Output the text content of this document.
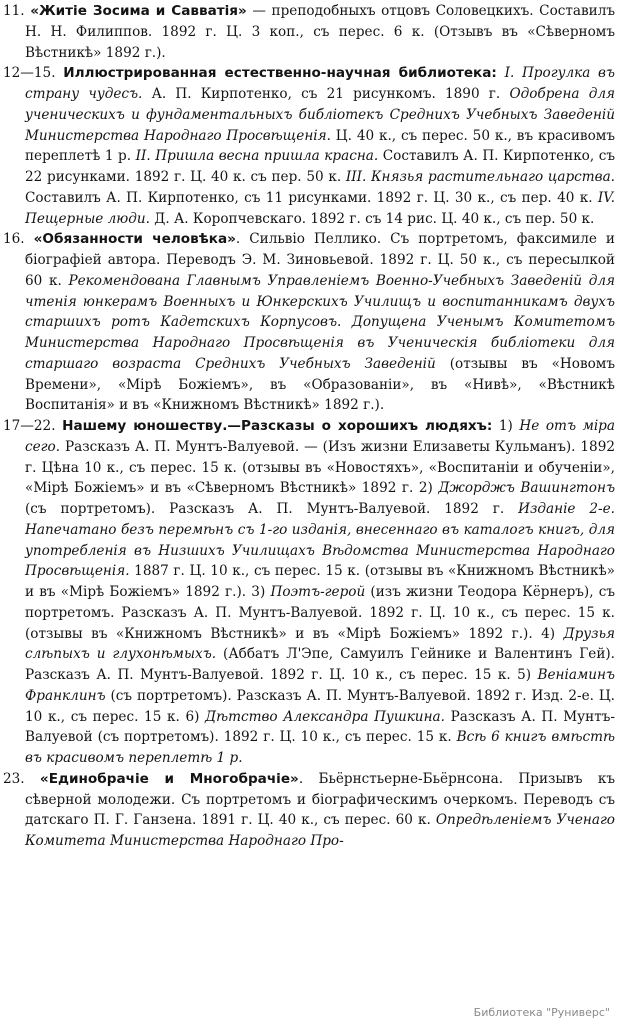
11. «Житіе Зосима и Савватія» — преподобныхъ отцовъ Соловецкихъ. Составилъ Н. Н. Филиппов. 1892 г. Ц. 3 коп., съ перес. 6 к. (Отзывъ въ «Сѣверномъ Вѣстникѣ» 1892 г.).

12—15. Иллюстрированная естественно-научная библиотека: I. Прогулка въ страну чудесъ. А. П. Кирпотенко, съ 21 рисункомъ. 1890 г. Одобрена для ученическихъ и фундаментальныхъ библіотекъ Среднихъ Учебныхъ Заведеній Министерства Народнаго Просвѣщенія. Ц. 40 к., съ перес. 50 к., въ красивомъ переплетѣ 1 р. II. Пришла весна пришла красна. Составилъ А. П. Кирпотенко, съ 22 рисунками. 1892 г. Ц. 40 к. съ пер. 50 к. III. Князья растительнаго царства. Составилъ А. П. Кирпотенко, съ 11 рисунками. 1892 г. Ц. 30 к., съ пер. 40 к. IV. Пещерные люди. Д. А. Коропчевскаго. 1892 г. съ 14 рис. Ц. 40 к., съ пер. 50 к.

16. «Обязанности человѣка». Сильвіо Пеллико. Съ портретомъ, факсимиле и біографіей автора. Переводъ Э. М. Зиновьевой. 1892 г. Ц. 50 к., съ пересылкой 60 к. Рекомендована Главнымъ Управленіемъ Военно-Учебныхъ Заведеній для чтенія юнкерамъ Военныхъ и Юнкерскихъ Училищъ и воспитанникамъ двухъ старшихъ ротъ Кадетскихъ Корпусовъ. Допущена Ученымъ Комитетомъ Министерства Народнаго Просвѣщенія въ Ученическія библіотеки для старшаго возраста Среднихъ Учебныхъ Заведеній (отзывы въ «Новомъ Времени», «Мірѣ Божіемъ», въ «Образованіи», въ «Нивѣ», «Вѣстникѣ Воспитанія» и въ «Книжномъ Вѣстникѣ» 1892 г.).

17—22. Нашему юношеству.—Разсказы о хорошихъ людяхъ: 1) Не отъ міра сего. Разсказъ А. П. Мунтъ-Валуевой. — (Изъ жизни Елизаветы Кульманъ). 1892 г. Цѣна 10 к., съ перес. 15 к. (отзывы въ «Новостяхъ», «Воспитаніи и обученіи», «Мірѣ Божіемъ» и въ «Сѣверномъ Вѣстникѣ» 1892 г. 2) Джорджъ Вашингтонъ (съ портретомъ). Разсказъ А. П. Мунтъ-Валуевой. 1892 г. Изданіе 2-е. Напечатано безъ перемѣнъ съ 1-го изданія, внесеннаго въ каталогъ книгъ, для употребленія въ Низшихъ Училищахъ Вѣдомства Министерства Народнаго Просвѣщенія. 1887 г. Ц. 10 к., съ перес. 15 к. (отзывы въ «Книжномъ Вѣстникѣ» и въ «Мірѣ Божіемъ» 1892 г.). 3) Поэтъ-герой (изъ жизни Теодора Кёрнеръ), съ портретомъ. Разсказъ А. П. Мунтъ-Валуевой. 1892 г. Ц. 10 к., съ перес. 15 к. (отзывы въ «Книжномъ Вѣстникѣ» и въ «Мірѣ Божіемъ» 1892 г.). 4) Друзья слѣпыхъ и глухонѣмыхъ. (Аббатъ Л'Эпе, Самуилъ Гейнике и Валентинъ Гей). Разсказъ А. П. Мунтъ-Валуевой. 1892 г. Ц. 10 к., съ перес. 15 к. 5) Веніаминъ Франклинъ (съ портретомъ). Разсказъ А. П. Мунтъ-Валуевой. 1892 г. Изд. 2-е. Ц. 10 к., съ перес. 15 к. 6) Дѣтство Александра Пушкина. Разсказъ А. П. Мунтъ-Валуевой (съ портретомъ). 1892 г. Ц. 10 к., съ перес. 15 к. Всѣ 6 книгъ вмѣстѣ въ красивомъ переплетѣ 1 р.

23. «Единобрачіе и Многобрачіе». Бьёрнстьерне-Бьёрнсона. Призывъ къ сѣверной молодежи. Съ портретомъ и біографическимъ очеркомъ. Переводъ съ датскаго П. Г. Ганзена. 1891 г. Ц. 40 к., съ перес. 60 к. Опредѣленіемъ Ученаго Комитета Министерства Народнаго Про-

Библиотека "Руниверс"
